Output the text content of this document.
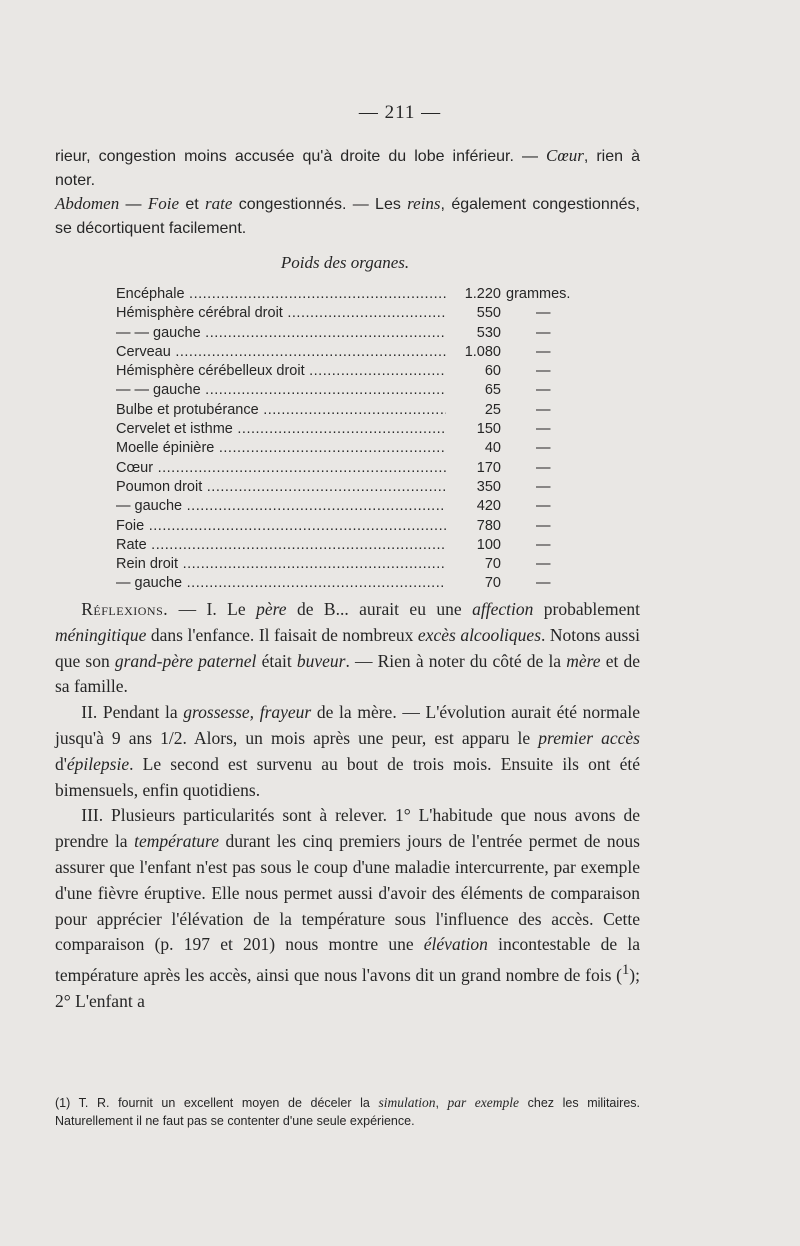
— 211 —

rieur, congestion moins accusée qu'à droite du lobe inférieur. — Cœur, rien à noter.

Abdomen — Foie et rate congestionnés. — Les reins, également congestionnés, se décortiquent facilement.

Poids des organes.
Encéphale .....	1.220 grammes.
Hémisphère cérébral droit .....	550 —
— — gauche .....	530 —
Cerveau .....	1.080 —
Hémisphère cérébelleux droit .....	60 —
— — gauche .....	65 —
Bulbe et protubérance .....	25 —
Cervelet et isthme .....	150 —
Moelle épinière .....	40 —
Cœur .....	170 —
Poumon droit .....	350 —
— gauche .....	420 —
Foie .....	780 —
Rate .....	100 —
Rein droit .....	70 —
— gauche .....	70 —

  Réflexions. — I. Le père de B... aurait eu une affection probablement méningitique dans l'enfance. Il faisait de nombreux excès alcooliques. Notons aussi que son grand-père paternel était buveur. — Rien à noter du côté de la mère et de sa famille.

  II. Pendant la grossesse, frayeur de la mère. — L'évolution aurait été normale jusqu'à 9 ans 1/2. Alors, un mois après une peur, est apparu le premier accès d'épilepsie. Le second est survenu au bout de trois mois. Ensuite ils ont été bimensuels, enfin quotidiens.

  III. Plusieurs particularités sont à relever. 1° L'habitude que nous avons de prendre la température durant les cinq premiers jours de l'entrée permet de nous assurer que l'enfant n'est pas sous le coup d'une maladie intercurrente, par exemple d'une fièvre éruptive. Elle nous permet aussi d'avoir des éléments de comparaison pour apprécier l'élévation de la température sous l'influence des accès. Cette comparaison (p. 197 et 201) nous montre une élévation incontestable de la température après les accès, ainsi que nous l'avons dit un grand nombre de fois ($^1$); 2° L'enfant a

(1) T. R. fournit un excellent moyen de déceler la simulation, par exemple chez les militaires. Naturellement il ne faut pas se contenter d'une seule expérience.
